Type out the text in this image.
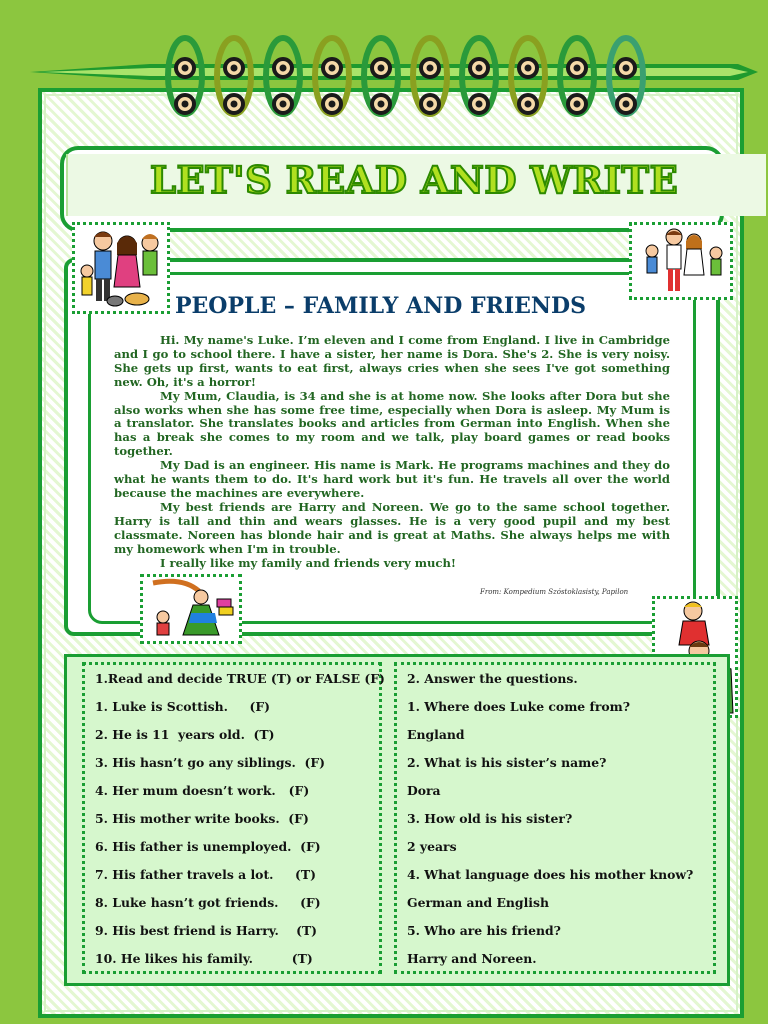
LET'S READ AND WRITE
PEOPLE – FAMILY AND FRIENDS

Hi. My name's Luke. I’m eleven and I come from England. I live in Cambridge and I go to school there. I have a sister, her name is Dora. She's 2. She is very noisy. She gets up first, wants to eat first, always cries when she sees I've got something new. Oh, it's a horror!

My Mum, Claudia, is 34 and she is at home now. She looks after Dora but she also works when she has some free time, especially when Dora is asleep. My Mum is a translator. She translates books and articles from German into English. When she has a break she comes to my room and we talk, play board games or read books together.

My Dad is an engineer. His name is Mark. He programs machines and they do what he wants them to do. It's hard work but it's fun. He travels all over the world because the machines are everywhere.

My best friends are Harry and Noreen. We go to the same school together. Harry is tall and thin and wears glasses. He is a very good pupil and my best classmate. Noreen has blonde hair and is great at Maths. She always helps me with my homework when I'm in trouble.

I really like my family and friends very much!

From: Kompedium Szóstoklasisty, Papilon
1.Read and decide TRUE (T) or FALSE (F)
1. Luke is Scottish.     (F)
2. He is 11  years old.  (T)
3. His hasn’t go any siblings.  (F)
4. Her mum doesn’t work.   (F)
5. His mother write books.  (F)
6. His father is unemployed.  (F)
7. His father travels a lot.     (T)
8. Luke hasn’t got friends.     (F)
9. His best friend is Harry.    (T)
10. He likes his family.         (T)
2. Answer the questions.
1. Where does Luke come from?
England
2. What is his sister’s name?
Dora
3. How old is his sister?
2 years
4. What language does his mother know?
German and English
5. Who are his friend?
Harry and Noreen.
